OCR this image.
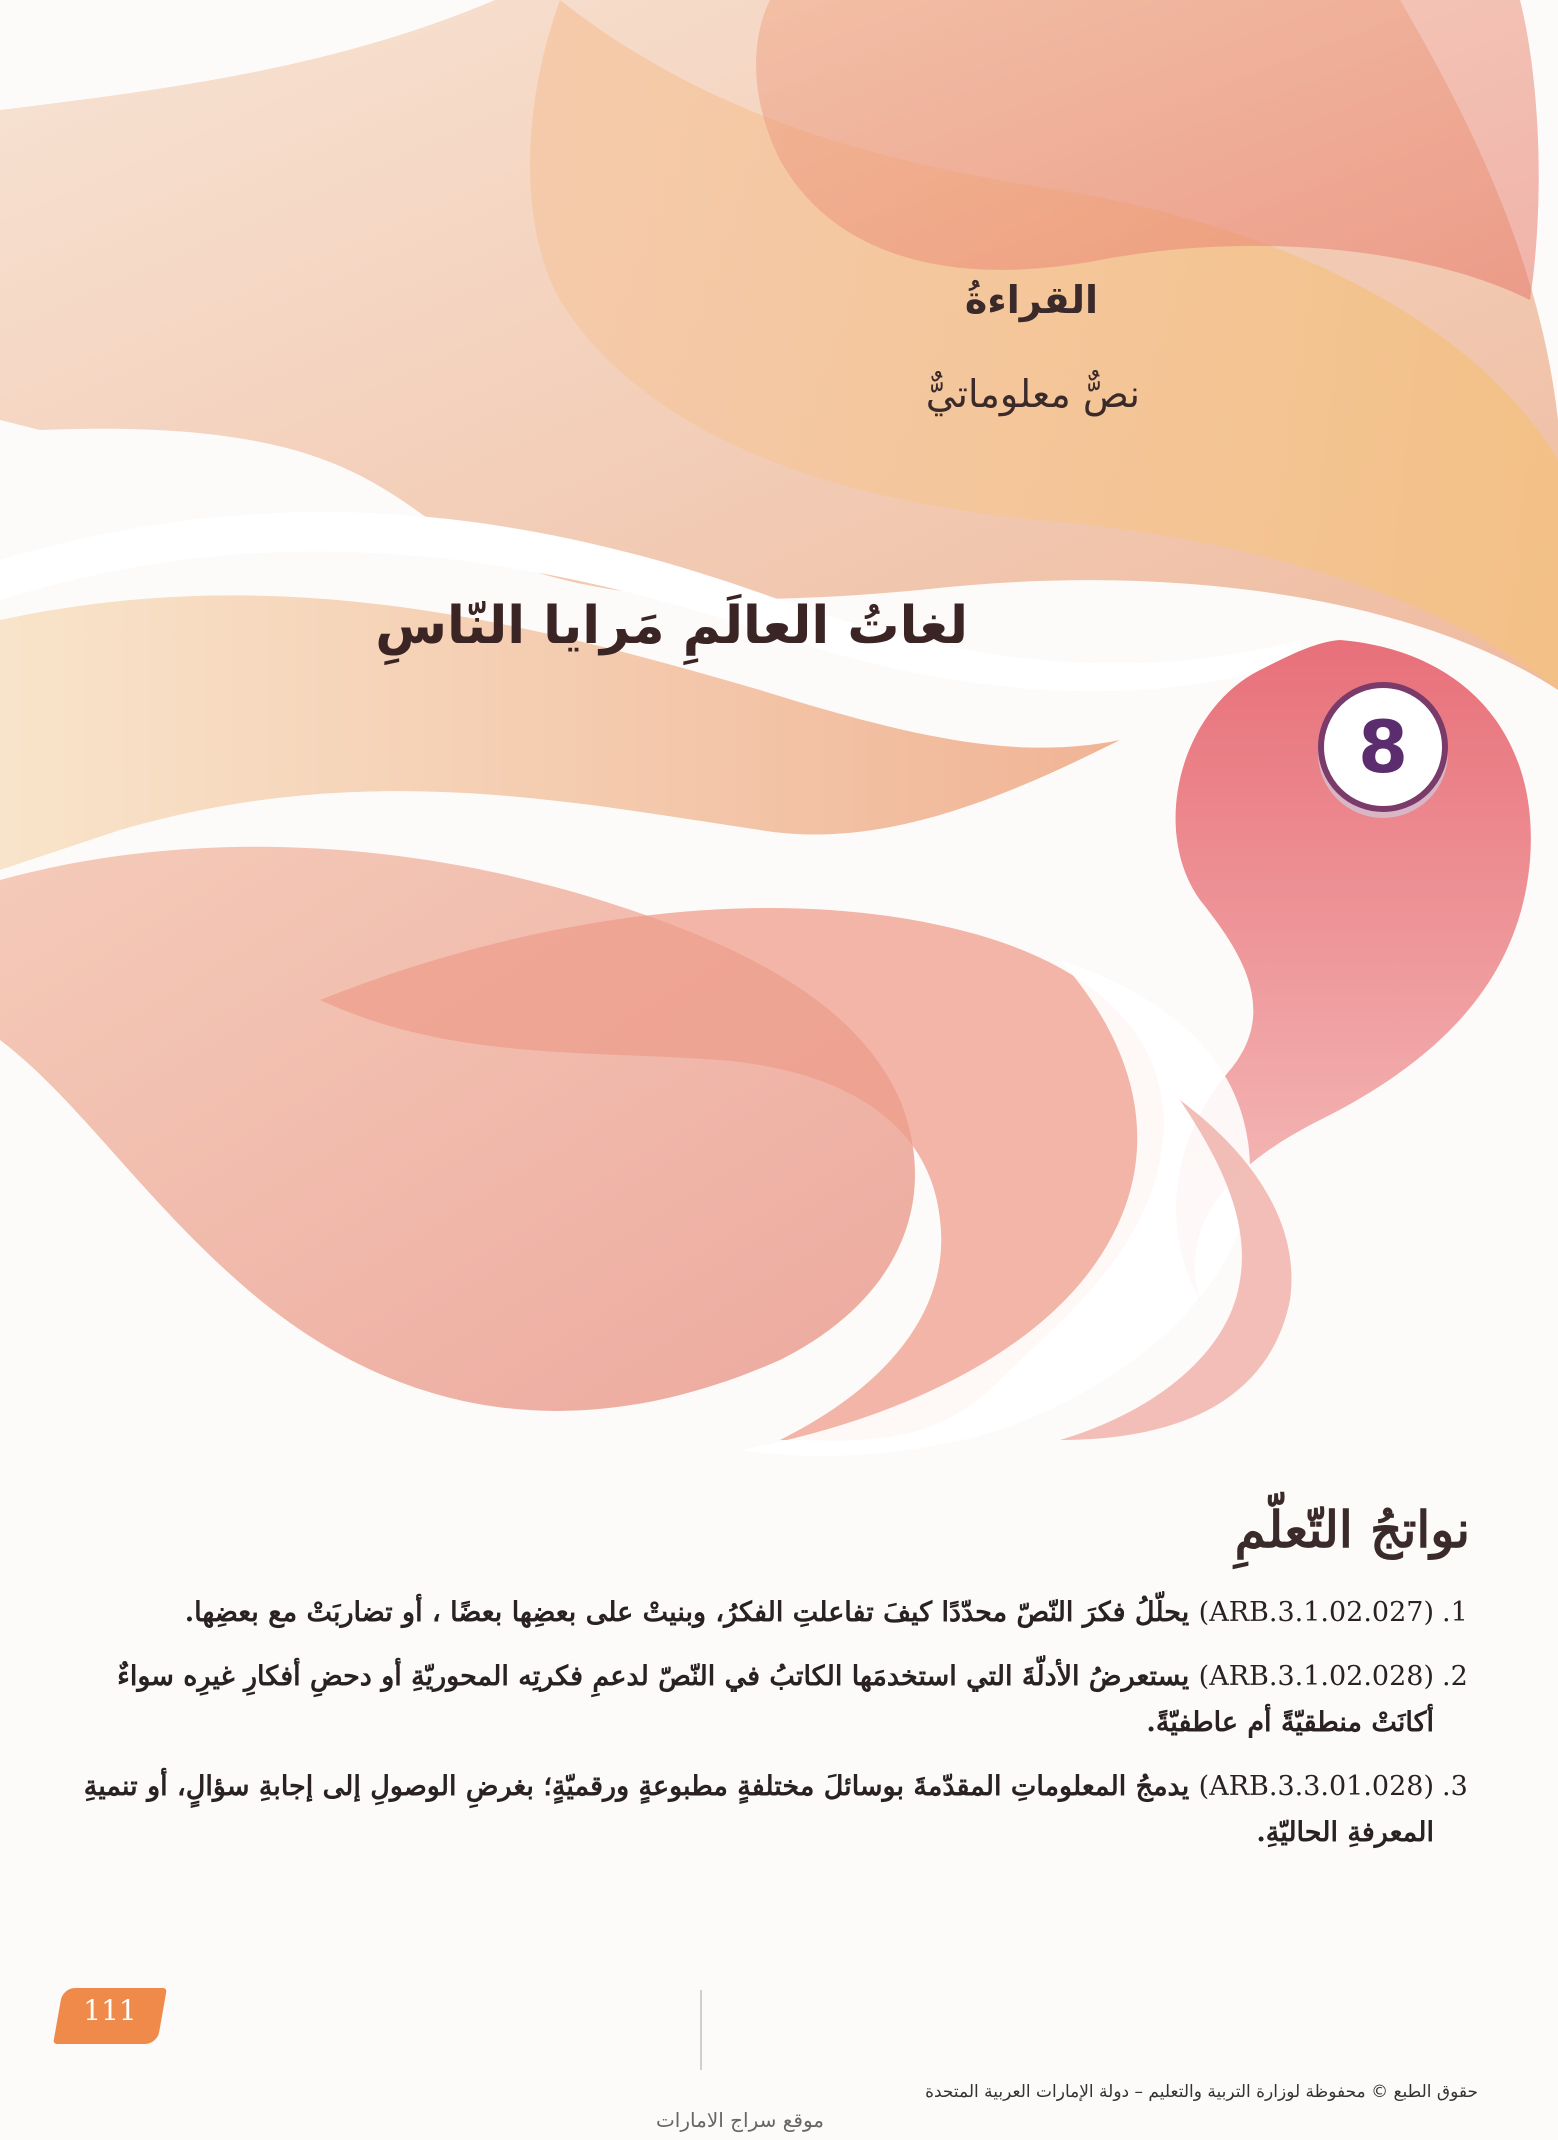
القراءةُ
نصٌّ معلوماتيٌّ
لغاتُ العالَمِ مَرايا النّاسِ
8
نواتجُ التّعلّمِ
1.
(ARB.3.1.02.027) يحلّلُ فكرَ النّصّ محدّدًا كيفَ تفاعلتِ الفكرُ، وبنيتْ على بعضِها بعضًا ، أو تضاربَتْ مع بعضِها.
2.
(ARB.3.1.02.028) يستعرضُ الأدلّةَ التي استخدمَها الكاتبُ في النّصّ لدعمِ فكرتِه المحوريّةِ أو دحضِ أفكارِ غيرِه سواءٌ أكانَتْ منطقيّةً أم عاطفيّةً.
3.
(ARB.3.3.01.028) يدمجُ المعلوماتِ المقدّمةَ بوسائلَ مختلفةٍ مطبوعةٍ ورقميّةٍ؛ بغرضِ الوصولِ إلى إجابةِ سؤالٍ، أو تنميةِ المعرفةِ الحاليّةِ.
111
حقوق الطبع © محفوظة لوزارة التربية والتعليم – دولة الإمارات العربية المتحدة
موقع سراج الامارات
